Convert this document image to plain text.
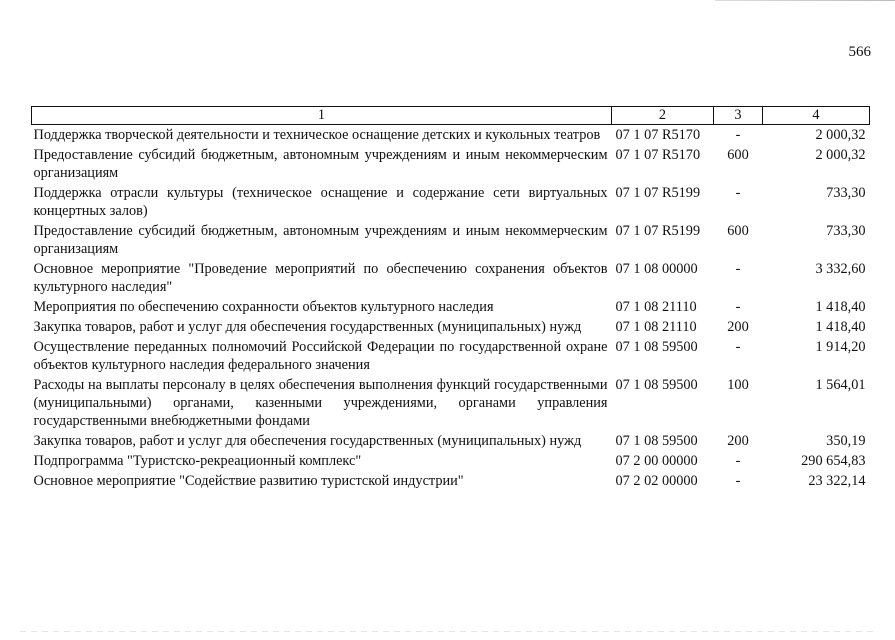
566
1	2	3	4
Поддержка творческой деятельности и техническое оснащение детских и кукольных театров	07 1 07 R5170	-	2 000,32
Предоставление субсидий бюджетным, автономным учреждениям и иным некоммерческим организациям	07 1 07 R5170	600	2 000,32
Поддержка отрасли культуры (техническое оснащение и содержание сети виртуальных концертных залов)	07 1 07 R5199	-	733,30
Предоставление субсидий бюджетным, автономным учреждениям и иным некоммерческим организациям	07 1 07 R5199	600	733,30
Основное мероприятие "Проведение мероприятий по обеспечению сохранения объектов культурного наследия"	07 1 08 00000	-	3 332,60
Мероприятия по обеспечению сохранности объектов культурного наследия	07 1 08 21110	-	1 418,40
Закупка товаров, работ и услуг для обеспечения государственных (муниципальных) нужд	07 1 08 21110	200	1 418,40
Осуществление переданных полномочий Российской Федерации по государственной охране объектов культурного наследия федерального значения	07 1 08 59500	-	1 914,20
Расходы на выплаты персоналу в целях обеспечения выполнения функций государственными (муниципальными) органами, казенными учреждениями, органами управления государственными внебюджетными фондами	07 1 08 59500	100	1 564,01
Закупка товаров, работ и услуг для обеспечения государственных (муниципальных) нужд	07 1 08 59500	200	350,19
Подпрограмма "Туристско-рекреационный комплекс"	07 2 00 00000	-	290 654,83
Основное мероприятие "Содействие развитию туристской индустрии"	07 2 02 00000	-	23 322,14
